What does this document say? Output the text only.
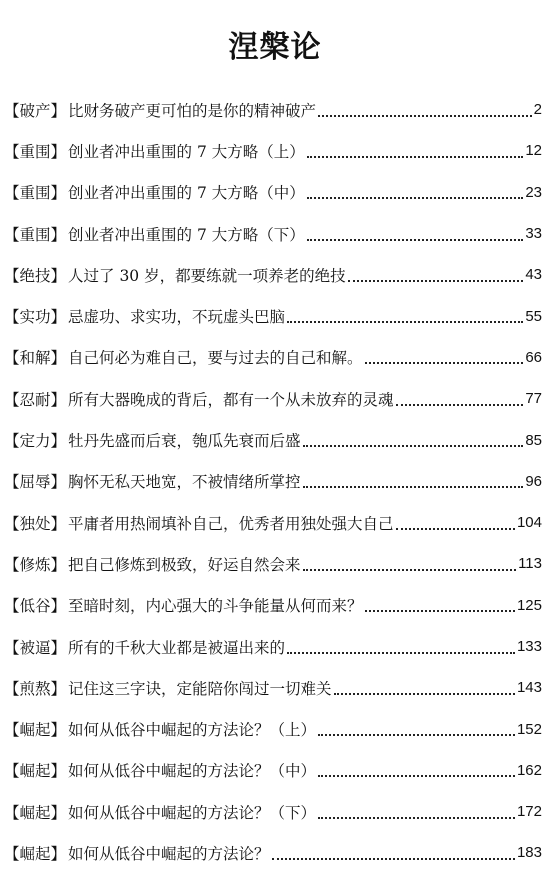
涅槃论
【破产】 比财务破产更可怕的是你的精神破产	2
【重围】 创业者冲出重围的 7 大方略（上）	12
【重围】 创业者冲出重围的 7 大方略（中）	23
【重围】 创业者冲出重围的 7 大方略（下）	33
【绝技】 人过了 30 岁，都要练就一项养老的绝技	43
【实功】 忌虚功、求实功，不玩虚头巴脑	55
【和解】 自己何必为难自己，要与过去的自己和解。	66
【忍耐】 所有大器晚成的背后，都有一个从未放弃的灵魂	77
【定力】 牡丹先盛而后衰，匏瓜先衰而后盛	85
【屈辱】 胸怀无私天地宽，不被情绪所掌控	96
【独处】 平庸者用热闹填补自己，优秀者用独处强大自己	104
【修炼】 把自己修炼到极致，好运自然会来	113
【低谷】 至暗时刻，内心强大的斗争能量从何而来？	125
【被逼】 所有的千秋大业都是被逼出来的	133
【煎熬】 记住这三字诀，定能陪你闯过一切难关	143
【崛起】 如何从低谷中崛起的方法论？（上）	152
【崛起】 如何从低谷中崛起的方法论？（中）	162
【崛起】 如何从低谷中崛起的方法论？（下）	172
【崛起】 如何从低谷中崛起的方法论？	183
